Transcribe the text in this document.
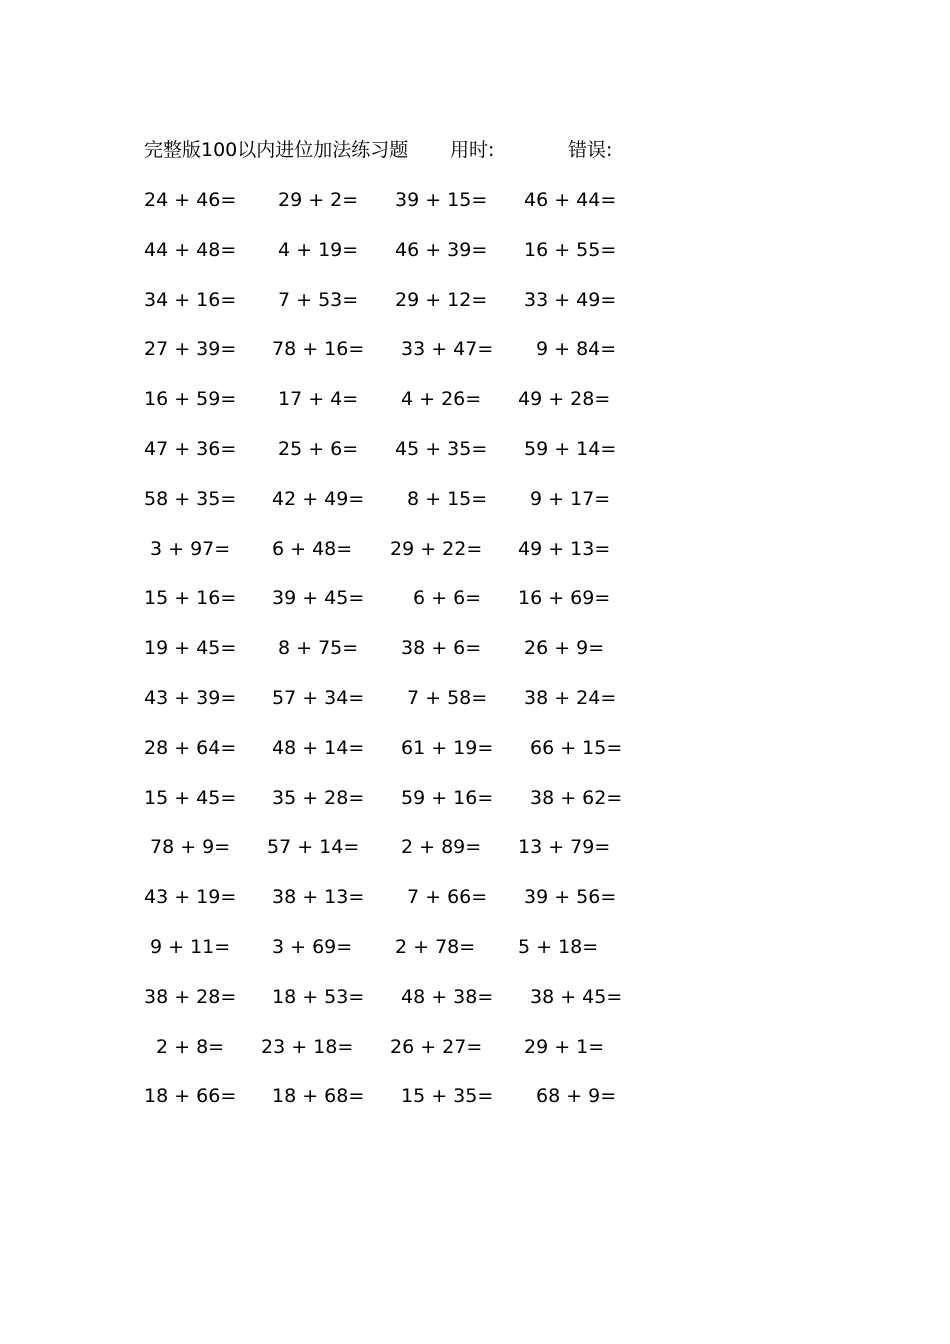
完整版100以内进位加法练习题 用时:	错误:
24 + 46= 29 + 2= 39 + 15= 46 + 44=
44 + 48= 4 + 19= 46 + 39= 16 + 55=
34 + 16= 7 + 53= 29 + 12= 33 + 49=
27 + 39= 78 + 16= 33 + 47= 9 + 84=
16 + 59= 17 + 4= 4 + 26= 49 + 28=
47 + 36= 25 + 6= 45 + 35= 59 + 14=
58 + 35= 42 + 49= 8 + 15= 9 + 17=
3 + 97= 6 + 48= 29 + 22= 49 + 13=
15 + 16= 39 + 45=	6 + 6= 16 + 69=
19 + 45= 8 + 75= 38 + 6= 26 + 9=
43 + 39= 57 + 34= 7 + 58= 38 + 24=
28 + 64= 48 + 14= 61 + 19= 66 + 15=
15 + 45= 35 + 28= 59 + 16= 38 + 62=
78 + 9= 57 + 14= 2 + 89= 13 + 79=
43 + 19= 38 + 13= 7 + 66= 39 + 56=
9 + 11= 3 + 69= 2 + 78= 5 + 18=
38 + 28= 18 + 53= 48 + 38= 38 + 45=
2 + 8= 23 + 18= 26 + 27= 29 + 1=
18 + 66= 18 + 68= 15 + 35= 68 + 9=
